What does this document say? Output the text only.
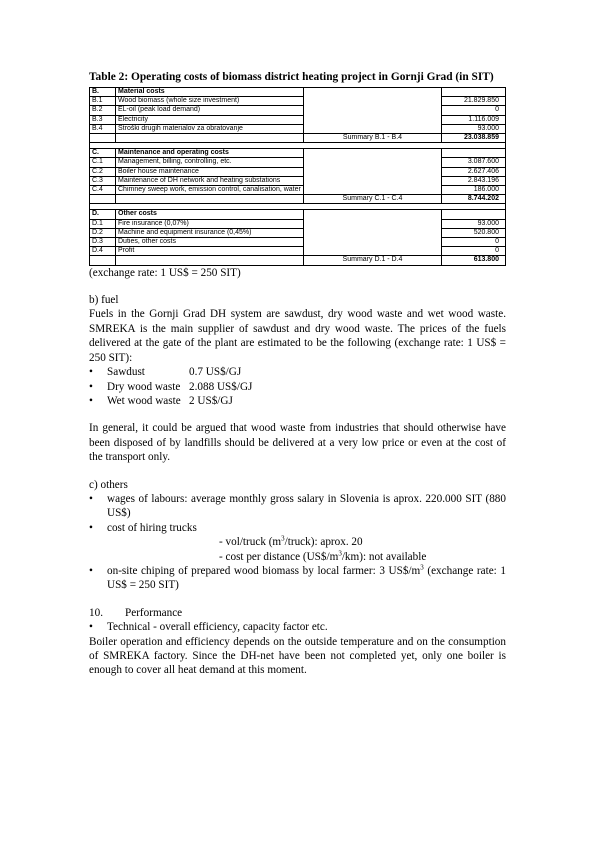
Table 2: Operating costs of biomass district heating project in Gornji Grad (in SIT)

B.	Material costs		
B.1	Wood biomass (whole size investment)		21.829.850
B.2	EL-oil (peak load demand)		0
B.3	Electricity		1.116.009
B.4	Stroški drugih materialov za obratovanje		93.000
		Summary B.1 - B.4	23.038.859

C.	Maintenance and operating costs		
C.1	Management, billing, controlling, etc.		3.087.600
C.2	Boiler house maintenance		2.627.406
C.3	Maintenance of DH network and heating substations		2.843.196
C.4	Chimney sweep work, emission control, canalisation, water		186.000
		Summary C.1 - C.4	8.744.202

D.	Other costs		
D.1	Fire insurance (0,07%)		93.000
D.2	Machine and equipment insurance (0,45%)		520.800
D.3	Duties, other costs		0
D.4	Profit		0
		Summary D.1 - D.4	613.800

(exchange rate: 1 US$ = 250 SIT)

b) fuel

Fuels in the Gornji Grad DH system are sawdust, dry wood waste and wet wood waste. SMREKA is the main supplier of sawdust and dry wood waste. The prices of the fuels delivered at the gate of the plant are estimated to be the following (exchange rate: 1 US$ = 250 SIT):

• Sawdust	0.7 US$/GJ
• Dry wood waste 2.088 US$/GJ
• Wet wood waste 2 US$/GJ

In general, it could be argued that wood waste from industries that should otherwise have been disposed of by landfills should be delivered at a very low price or even at the cost of the transport only.

c) others

• wages of labours: average monthly gross salary in Slovenia is aprox. 220.000 SIT (880 US$)
• cost of hiring trucks
- vol/truck $(m^3/truck)$: aprox. 20
- cost per distance $(US\$/m^3/km)$: not available
• on-site chiping of prepared wood biomass by local farmer: 3 $US\$/m^3$ (exchange rate: 1 US$ = 250 SIT)

10. Performance

• Technical - overall efficiency, capacity factor etc.

Boiler operation and efficiency depends on the outside temperature and on the consumption of SMREKA factory. Since the DH-net have been not completed yet, only one boiler is enough to cover all heat demand at this moment.
